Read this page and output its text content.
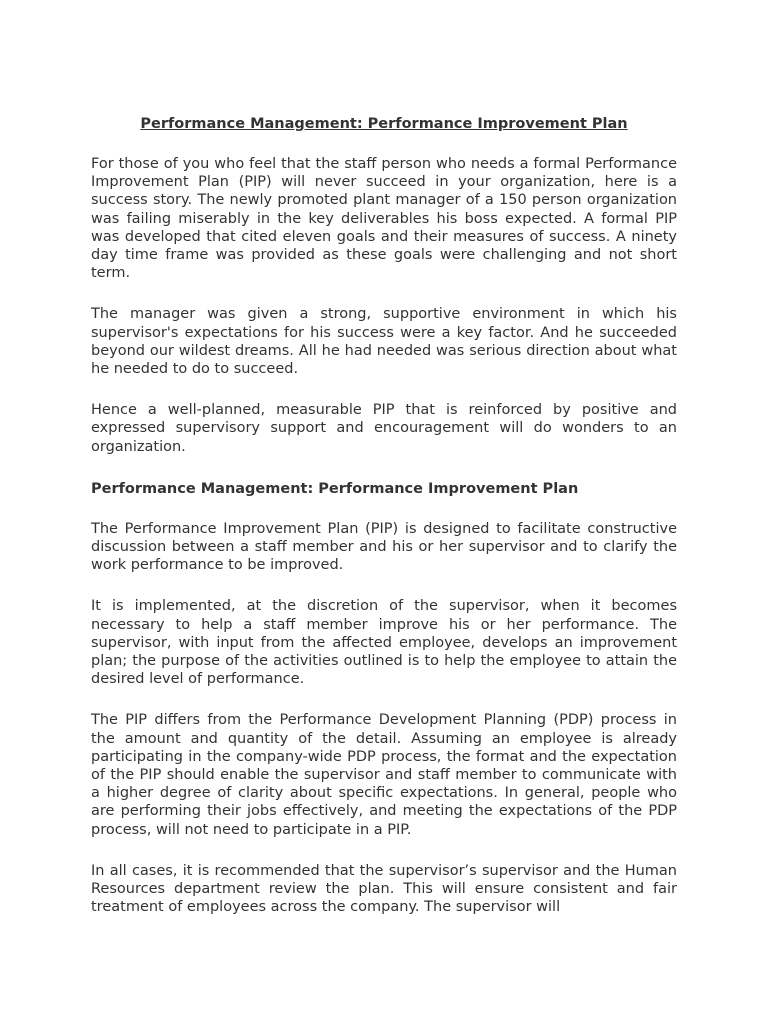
Performance Management: Performance Improvement Plan

For those of you who feel that the staff person who needs a formal Performance Improvement Plan (PIP) will never succeed in your organization, here is a success story. The newly promoted plant manager of a 150 person organization was failing miserably in the key deliverables his boss expected. A formal PIP was developed that cited eleven goals and their measures of success. A ninety day time frame was provided as these goals were challenging and not short term.

The manager was given a strong, supportive environment in which his supervisor's expectations for his success were a key factor. And he succeeded beyond our wildest dreams. All he had needed was serious direction about what he needed to do to succeed.

Hence a well-planned, measurable PIP that is reinforced by positive and expressed supervisory support and encouragement will do wonders to an organization.

Performance Management: Performance Improvement Plan

The Performance Improvement Plan (PIP) is designed to facilitate constructive discussion between a staff member and his or her supervisor and to clarify the work performance to be improved.

It is implemented, at the discretion of the supervisor, when it becomes necessary to help a staff member improve his or her performance. The supervisor, with input from the affected employee, develops an improvement plan; the purpose of the activities outlined is to help the employee to attain the desired level of performance.

The PIP differs from the Performance Development Planning (PDP) process in the amount and quantity of the detail. Assuming an employee is already participating in the company-wide PDP process, the format and the expectation of the PIP should enable the supervisor and staff member to communicate with a higher degree of clarity about specific expectations. In general, people who are performing their jobs effectively, and meeting the expectations of the PDP process, will not need to participate in a PIP.

In all cases, it is recommended that the supervisor’s supervisor and the Human Resources department review the plan. This will ensure consistent and fair treatment of employees across the company. The supervisor will
